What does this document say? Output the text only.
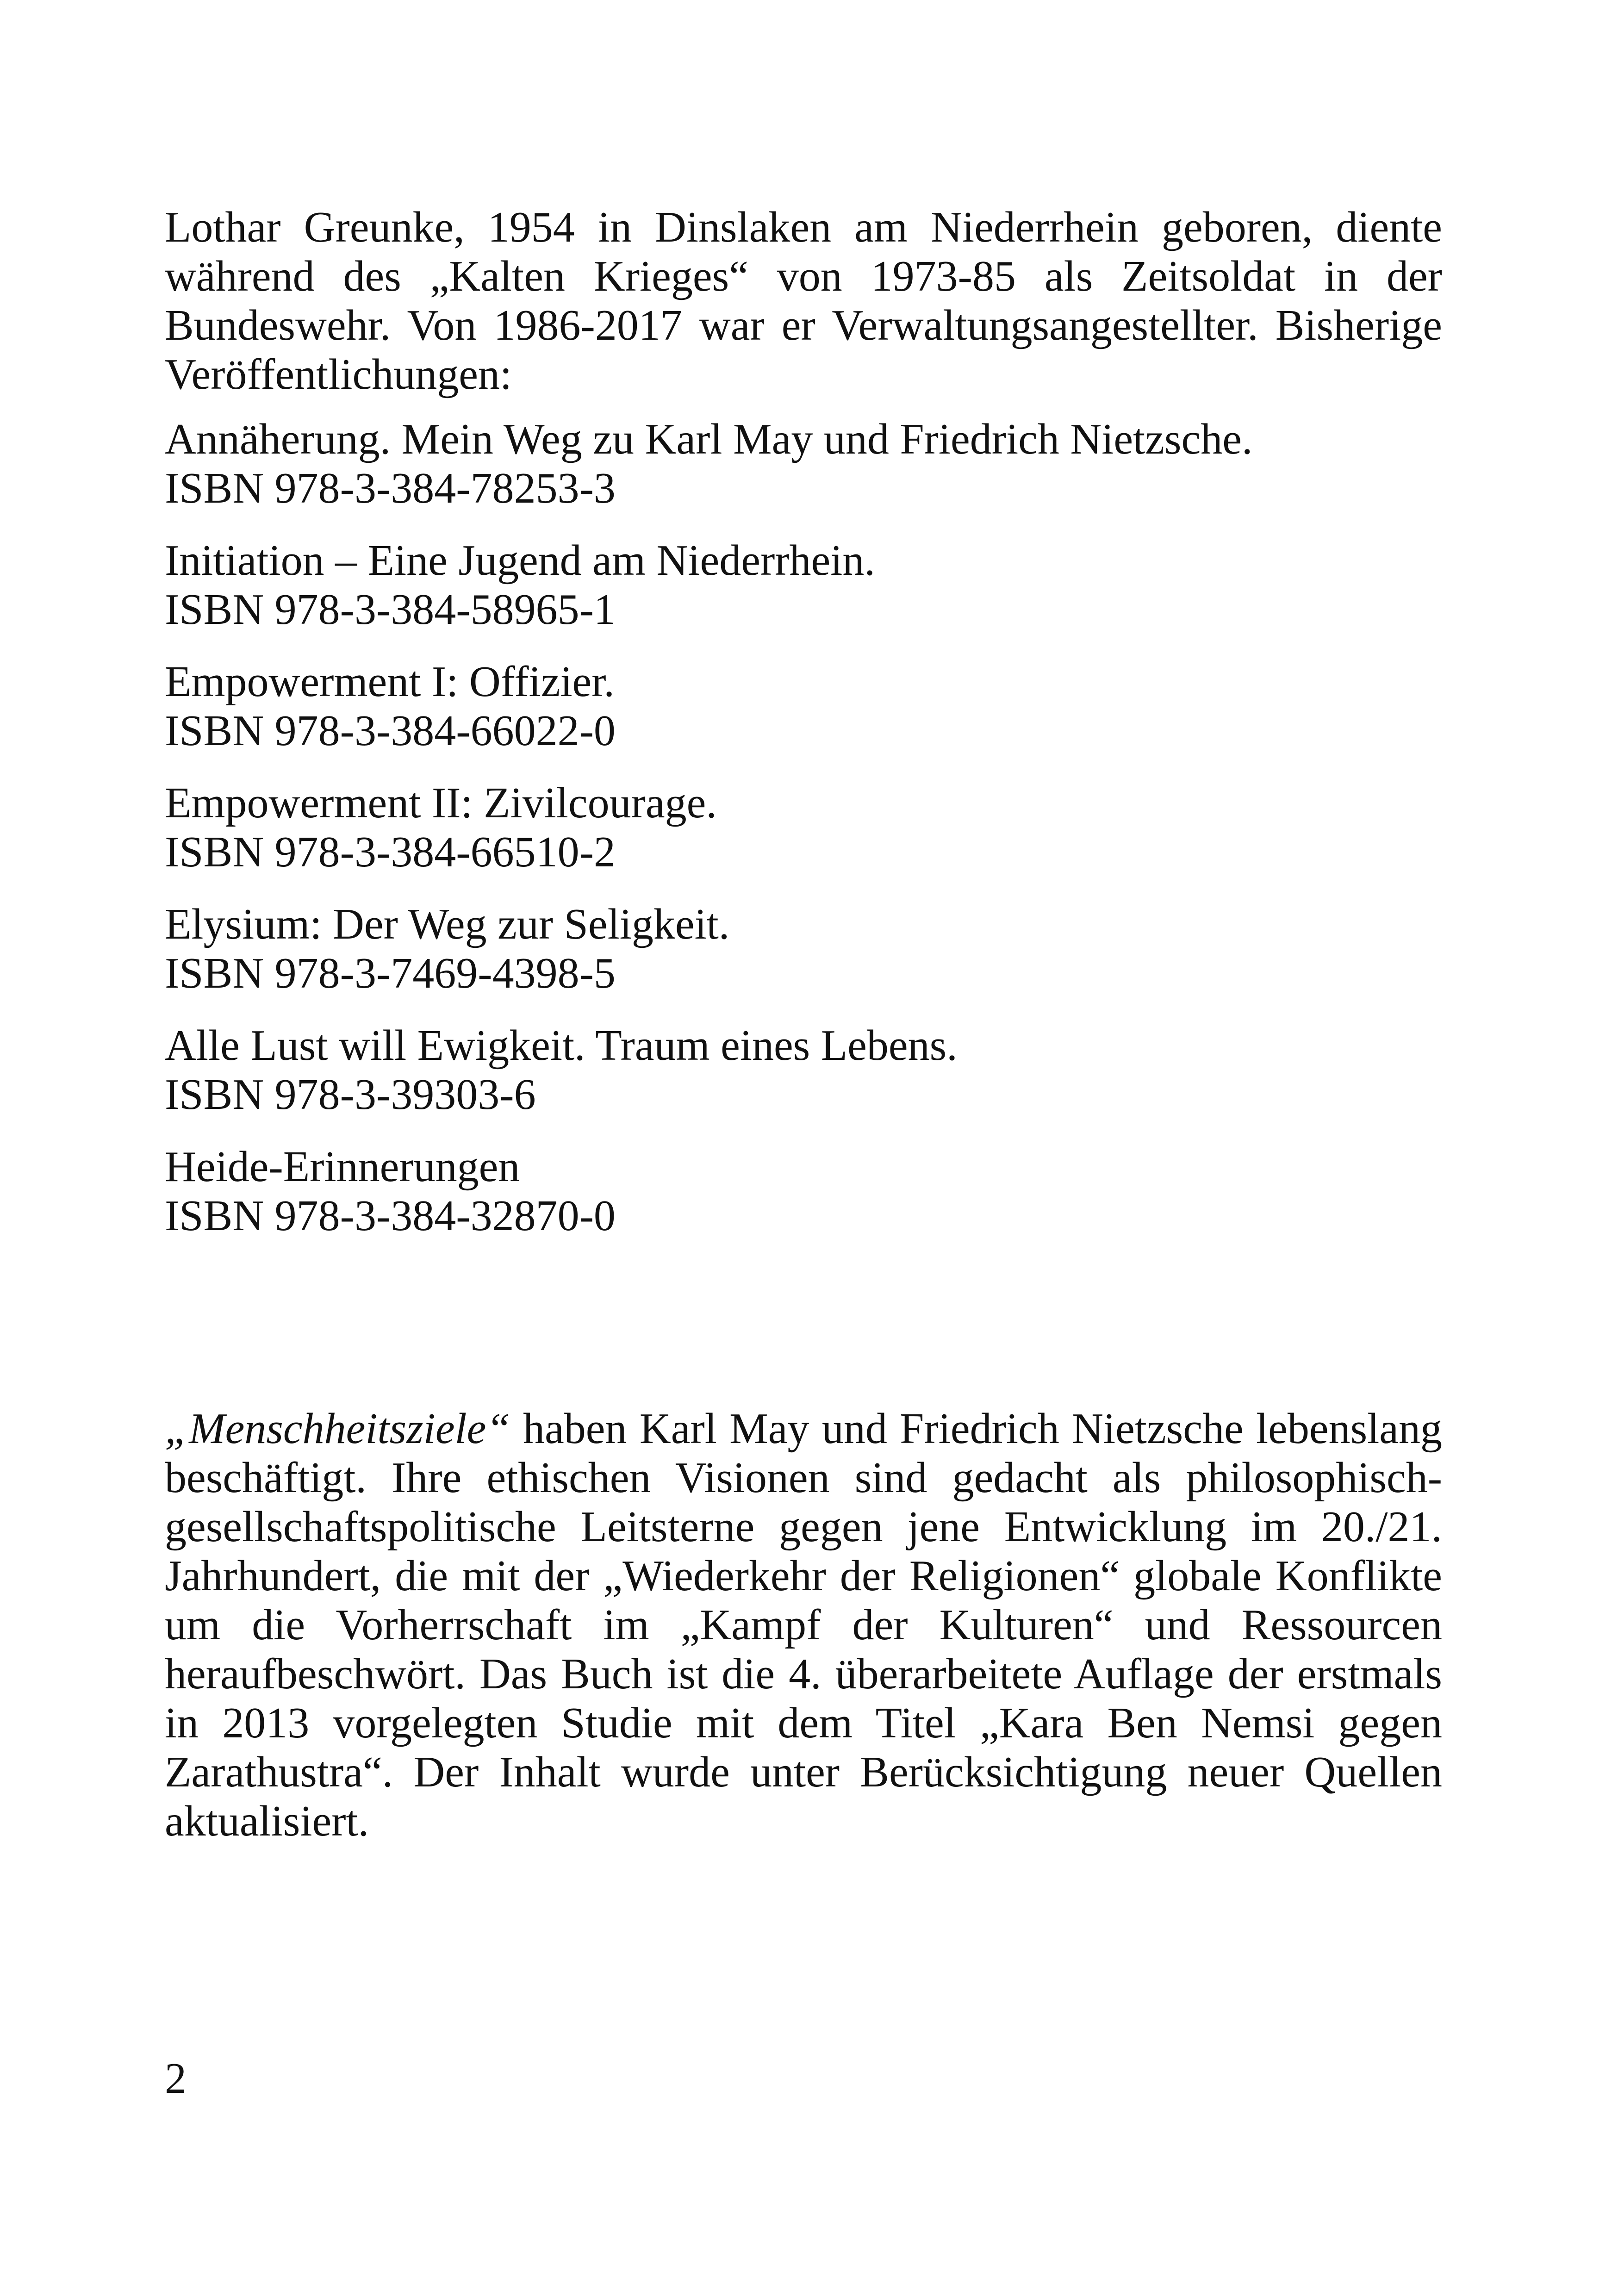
Lothar Greunke, 1954 in Dinslaken am Niederrhein geboren, diente während des „Kalten Krieges“ von 1973-85 als Zeitsoldat in der Bundeswehr. Von 1986-2017 war er Verwaltungsangestellter. Bisherige Veröffentlichungen:

Annäherung. Mein Weg zu Karl May und Friedrich Nietzsche.
ISBN 978-3-384-78253-3
Initiation – Eine Jugend am Niederrhein.
ISBN 978-3-384-58965-1
Empowerment I: Offizier.
ISBN 978-3-384-66022-0
Empowerment II: Zivilcourage.
ISBN 978-3-384-66510-2
Elysium: Der Weg zur Seligkeit.
ISBN 978-3-7469-4398-5
Alle Lust will Ewigkeit. Traum eines Lebens.
ISBN 978-3-39303-6
Heide-Erinnerungen
ISBN 978-3-384-32870-0

„Menschheitsziele“ haben Karl May und Friedrich Nietzsche lebenslang beschäftigt. Ihre ethischen Visionen sind gedacht als philosophisch-gesellschaftspolitische Leitsterne gegen jene Entwicklung im 20./21. Jahrhundert, die mit der „Wiederkehr der Religionen“ globale Konflikte um die Vorherrschaft im „Kampf der Kulturen“ und Ressourcen heraufbeschwört. Das Buch ist die 4. überarbeitete Auflage der erstmals in 2013 vorgelegten Studie mit dem Titel „Kara Ben Nemsi gegen Zarathustra“. Der Inhalt wurde unter Berücksichtigung neuer Quellen aktualisiert.

2
